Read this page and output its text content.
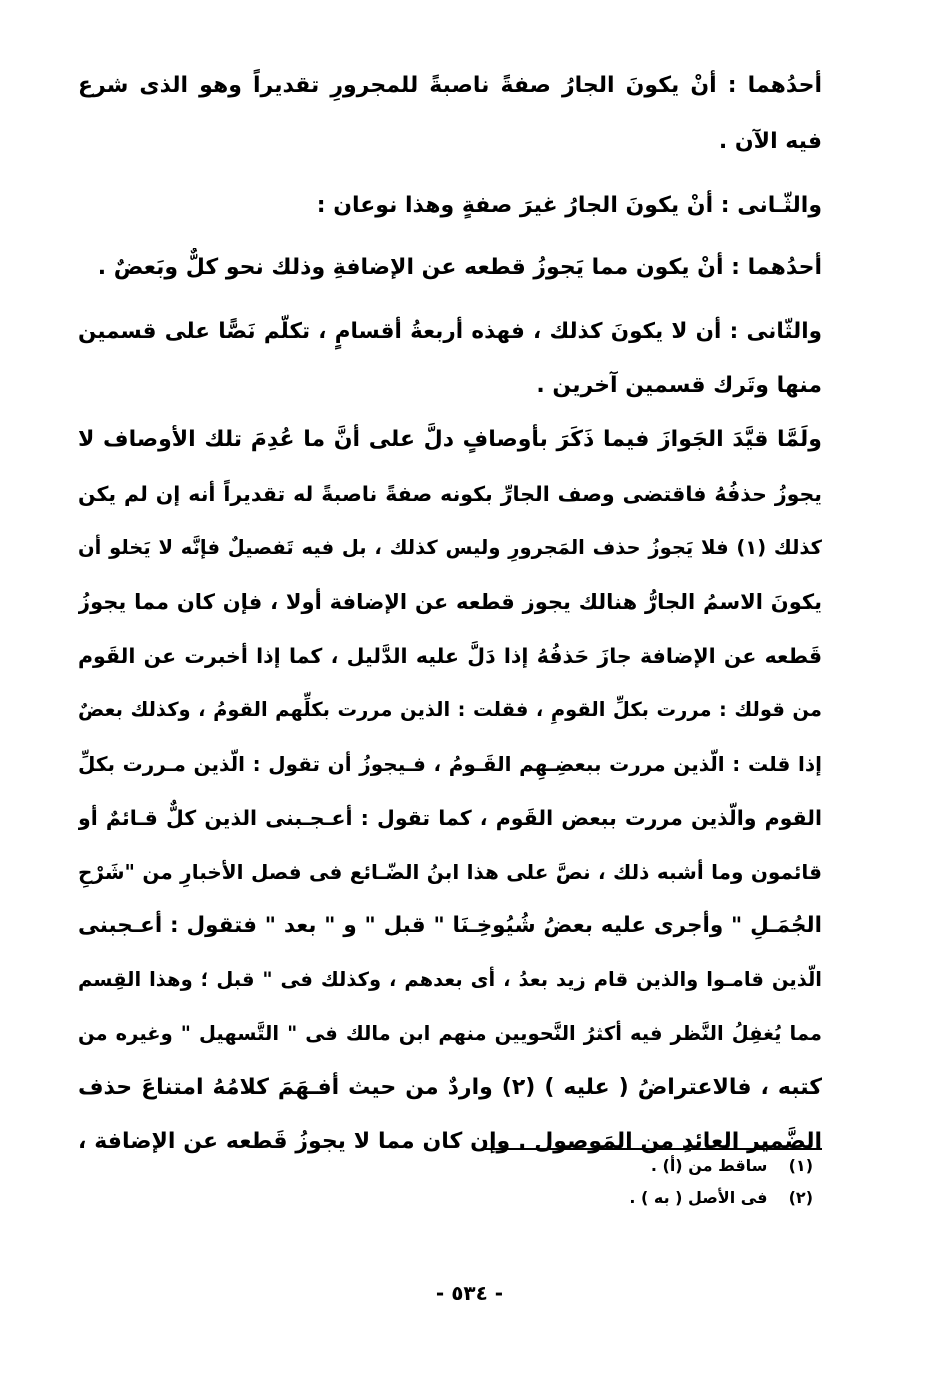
أحدُهما : أنْ يكونَ الجارُ صفةً ناصبةً للمجرورِ تقديراً وهو الذى شرع
فيه الآن .
والثّـانى : أنْ يكونَ الجارُ غيرَ صفةٍ وهذا نوعان :
أحدُهما : أنْ يكون مما يَجوزُ قطعه عن الإضافةِ وذلك نحو كلٌّ وبَعضٌ .
والثّانى : أن لا يكونَ كذلك ، فهذه أربعةُ أقسامٍ ، تكلّم نَصًّا على قسمين
منها وتَرك قسمين آخرين .
ولَمَّا قيَّدَ الجَوازَ فيما ذَكَرَ بأوصافٍ دلَّ على أنَّ ما عُدِمَ تلك الأوصاف لا
يجوزُ حذفُهُ فاقتضى وصف الجارِّ بكونه صفةً ناصبةً له تقديراً أنه إن لم يكن
كذلك (١) فلا يَجوزُ حذف المَجرورِ وليس كذلك ، بل فيه تَفصيلٌ فإنَّه لا يَخلو أن
يكونَ الاسمُ الجارُّ هنالك يجوز قطعه عن الإضافة أولا ، فإن كان مما يجوزُ
قَطعه عن الإضافة جازَ حَذفُهُ إذا دَلَّ عليه الدَّليل ، كما إذا أخبرت عن القَوم
من قولك : مررت بكلِّ القومِ ، فقلت : الذين مررت بكلِّهم القومُ ، وكذلك بعضٌ
إذا قلت : الّذين مررت ببعضِـهِم القَـومُ ، فـيجوزُ أن تقول : الّذين مـررت بكلِّ
القوم والّذين مررت ببعض القَوم ، كما تقول : أعـجـبنى الذين كلٌّ قـائمٌ أو
قائمون وما أشبه ذلك ، نصَّ على هذا ابنُ الضّـائع فى فصل الأخبارِ من "شَرْحِ
الجُمَـلِ " وأجرى عليه بعضُ شُيُوخِـنَا " قبل " و " بعد " فتقول : أعـجبنى
الّذين قامـوا والذين قام زيد بعدُ ، أى بعدهم ، وكذلك فى " قبل ؛ وهذا القِسم
مما يُغفِلُ النَّظر فيه أكثرُ النَّحويين منهم ابن مالك فى " التَّسهيل " وغيره من
كتبه ، فالاعتراضُ ( عليه ) (٢) واردٌ من حيث أفـهَمَ كلامُهُ امتناعَ حذف
الضَّمير العائدِ من المَوصول . وإن كان مما لا يجوزُ قَطعه عن الإضافة ،
(١) ساقط من (أ) .
(٢) فى الأصل ( به ) .
- ٥٣٤ -
